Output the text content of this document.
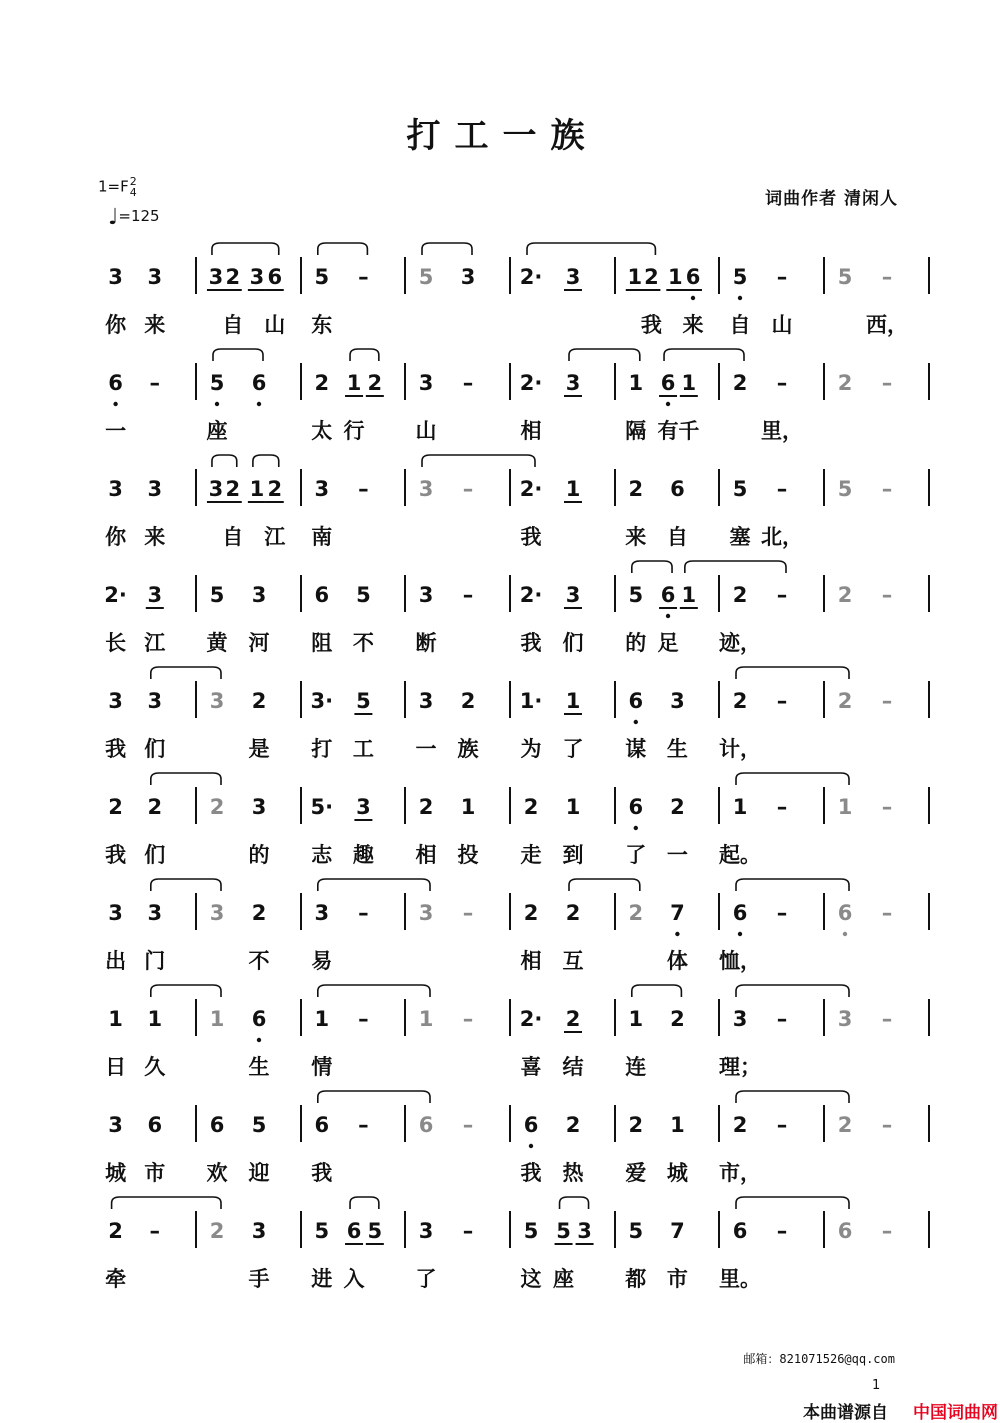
打工一族
1=F2
4
♩=125
词曲作者 清闲人
3 3 3 2 3 6 5 – 5 3 2· 3 1 2 1 6 5 – 5 –
你 来	自 山 东	我 来 自 山	西，
6 – 5 6 2 1 2 3 – 2· 3 1 6 1 2 – 2 –
一	座	太 行 山	相	隔 有 千	里，
3 3 3 2 1 2 3 – 3 – 2· 1 2 6 5 – 5 –
你 来	自 江 南	我	来 自 塞 北，
2· 3 5 3 6 5 3 – 2· 3 5 6 1 2 – 2 –
长 江 黄 河 阻 不 断	我 们 的 足 迹，
3 3 3 2 3· 5 3 2 1· 1 6 3 2 – 2 –
我 们	是 打 工 一 族 为 了 谋 生 计，
2 2 2 3 5· 3 2 1 2 1 6 2 1 – 1 –
我 们	的 志 趣 相 投 走 到 了 一 起。
3 3 3 2 3 – 3 – 2 2 2 7 6 – 6 –
出 门	不 易	相 互	体 恤，
1 1 1 6 1 – 1 – 2· 2 1 2 3 – 3 –
日 久	生 情	喜 结 连	理；
3 6 6 5 6 – 6 – 6 2 2 1 2 – 2 –
城 市 欢 迎 我	我 热 爱 城 市，
2 – 2 3 5 6 5 3 – 5 5 3 5 7 6 – 6 –
牵	手 进 入 了	这 座 都 市 里。
邮箱：821071526@qq.com
1
本曲谱源自 中国词曲网
